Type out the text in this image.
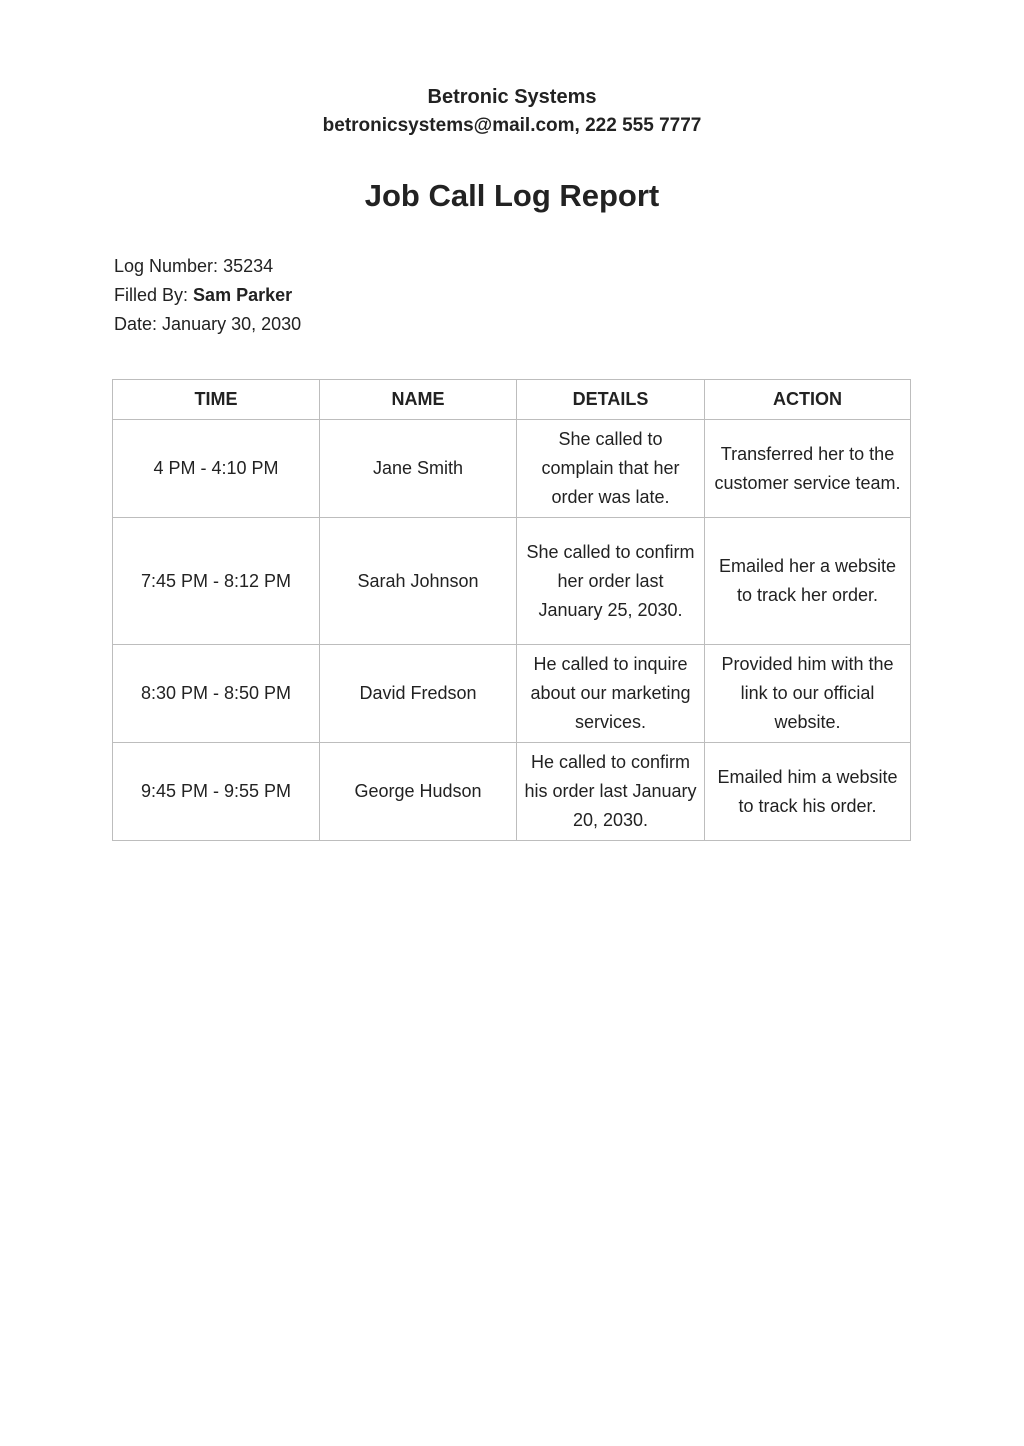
Betronic Systems
betronicsystems@mail.com, 222 555 7777
Job Call Log Report
Log Number: 35234
Filled By: Sam Parker
Date: January 30, 2030
TIME	NAME	DETAILS	ACTION
4 PM - 4:10 PM	Jane Smith	She called to complain that her order was late.	Transferred her to the customer service team.
7:45 PM - 8:12 PM	Sarah Johnson	She called to confirm her order last January 25, 2030.	Emailed her a website to track her order.
8:30 PM - 8:50 PM	David Fredson	He called to inquire about our marketing services.	Provided him with the link to our official website.
9:45 PM - 9:55 PM	George Hudson	He called to confirm his order last January 20, 2030.	Emailed him a website to track his order.
